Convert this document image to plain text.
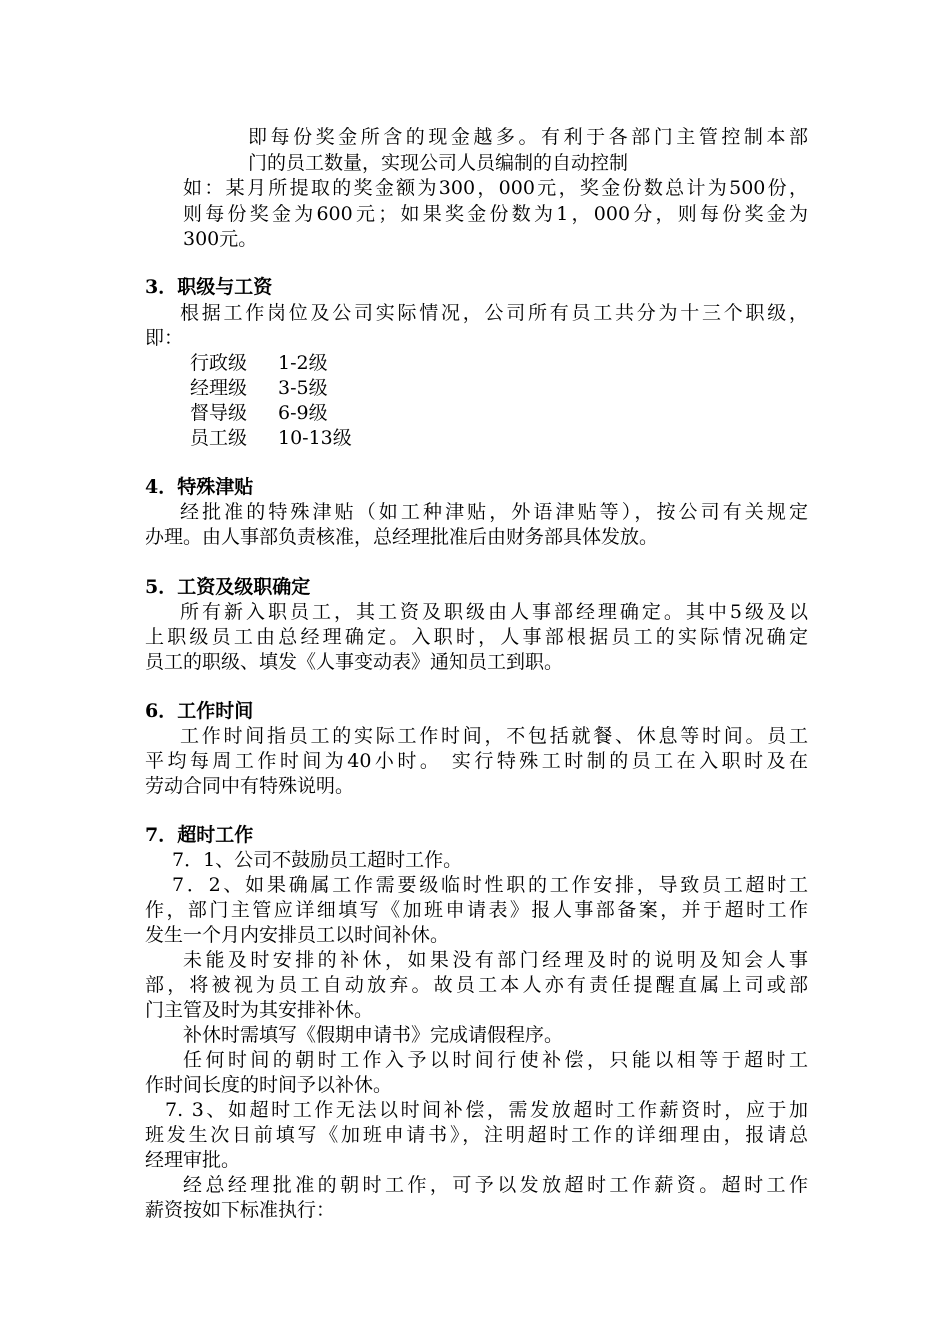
即每份奖金所含的现金越多。有利于各部门主管控制本部
门的员工数量，实现公司人员编制的自动控制
如：某月所提取的奖金额为300，000元，奖金份数总计为500份，
则每份奖金为600元；如果奖金份数为1，000分，则每份奖金为
300元。
3．职级与工资
根据工作岗位及公司实际情况，公司所有员工共分为十三个职级，
即：
行政级 1-2级
经理级 3-5级
督导级 6-9级
员工级 10-13级
4．特殊津贴
经批准的特殊津贴（如工种津贴，外语津贴等），按公司有关规定
办理。由人事部负责核准，总经理批准后由财务部具体发放。
5．工资及级职确定
所有新入职员工，其工资及职级由人事部经理确定。其中5级及以
上职级员工由总经理确定。入职时，人事部根据员工的实际情况确定
员工的职级、填发《人事变动表》通知员工到职。
6．工作时间
工作时间指员工的实际工作时间，不包括就餐、休息等时间。员工
平均每周工作时间为40小时。 实行特殊工时制的员工在入职时及在
劳动合同中有特殊说明。
7．超时工作
7．1、公司不鼓励员工超时工作。
7．2、如果确属工作需要级临时性职的工作安排，导致员工超时工
作，部门主管应详细填写《加班申请表》报人事部备案，并于超时工作
发生一个月内安排员工以时间补休。
未能及时安排的补休，如果没有部门经理及时的说明及知会人事
部，将被视为员工自动放弃。故员工本人亦有责任提醒直属上司或部
门主管及时为其安排补休。
补休时需填写《假期申请书》完成请假程序。
任何时间的朝时工作入予以时间行使补偿，只能以相等于超时工
作时间长度的时间予以补休。
7. 3、如超时工作无法以时间补偿，需发放超时工作薪资时，应于加
班发生次日前填写《加班申请书》，注明超时工作的详细理由，报请总
经理审批。
经总经理批准的朝时工作，可予以发放超时工作薪资。超时工作
薪资按如下标准执行：
